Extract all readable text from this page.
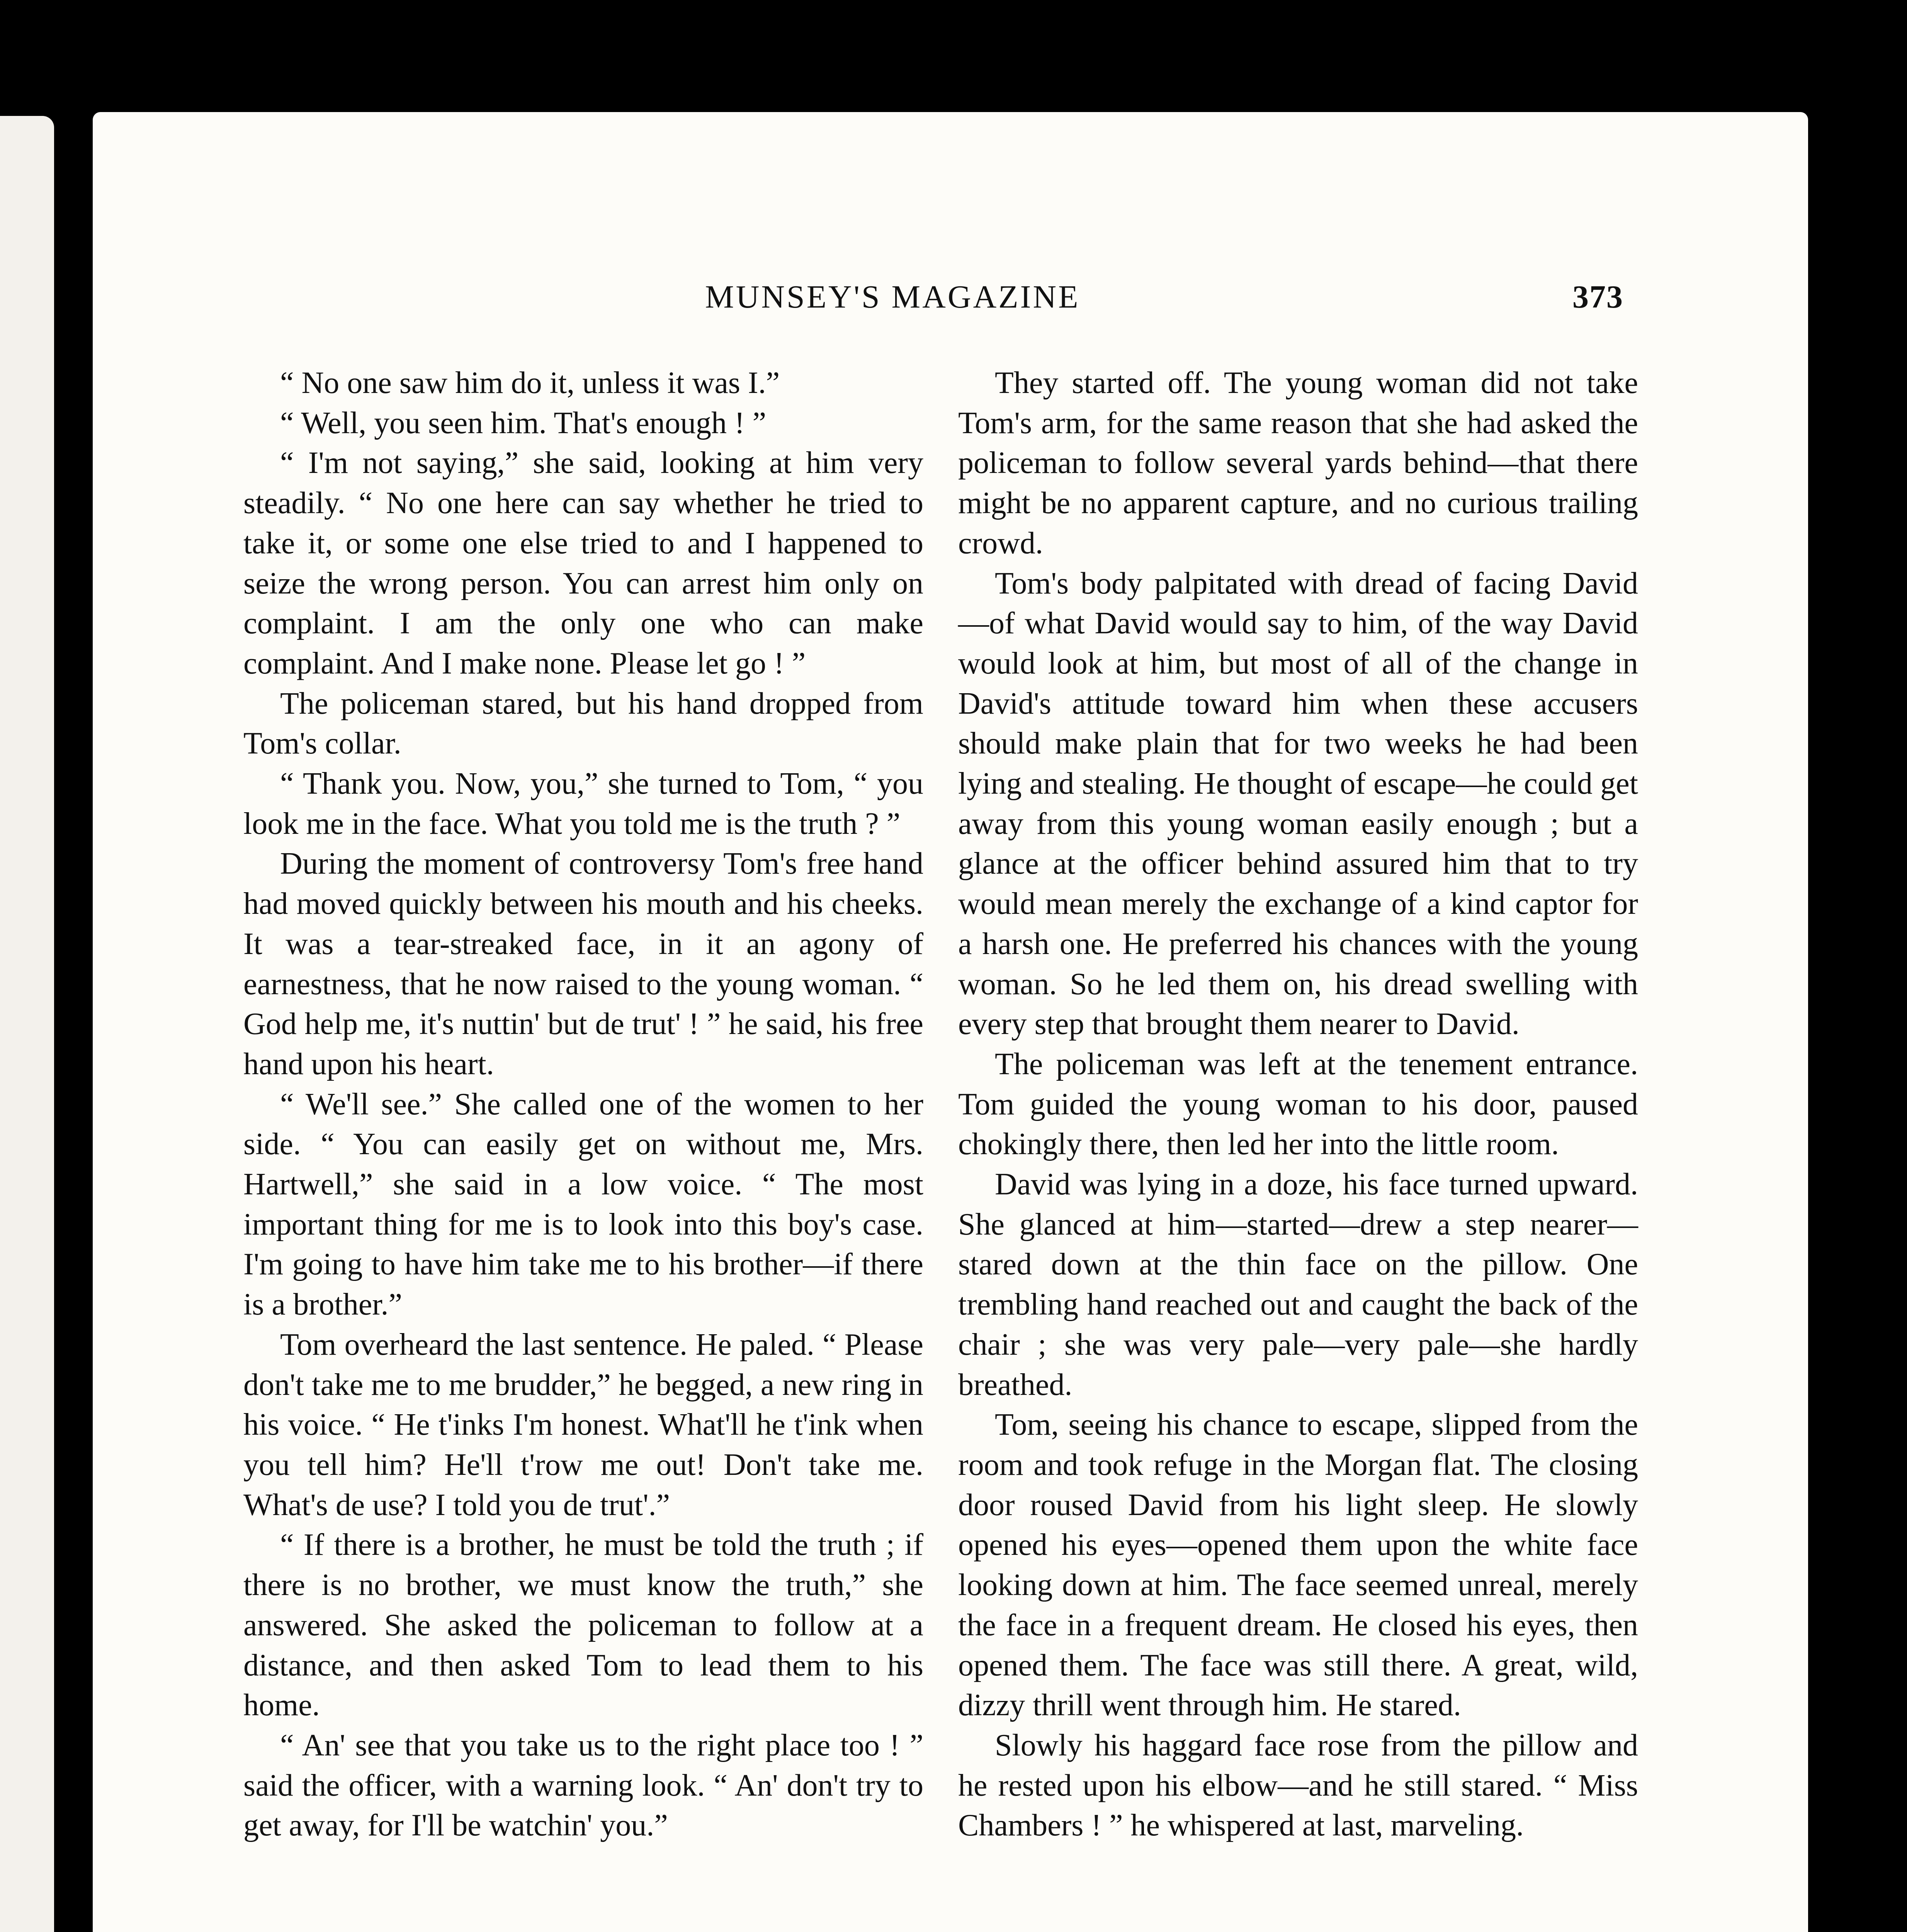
MUNSEY'S MAGAZINE	373

“ No one saw him do it, unless it was I.”

“ Well, you seen him. That's enough ! ”

“ I'm not saying,” she said, looking at him very steadily. “ No one here can say whether he tried to take it, or some one else tried to and I happened to seize the wrong person. You can arrest him only on complaint. I am the only one who can make complaint. And I make none. Please let go ! ”

The policeman stared, but his hand dropped from Tom's collar.

“ Thank you. Now, you,” she turned to Tom, “ you look me in the face. What you told me is the truth ? ”

During the moment of controversy Tom's free hand had moved quickly between his mouth and his cheeks. It was a tear-streaked face, in it an agony of earnestness, that he now raised to the young woman. “ God help me, it's nuttin' but de trut' ! ” he said, his free hand upon his heart.

“ We'll see.” She called one of the women to her side. “ You can easily get on without me, Mrs. Hartwell,” she said in a low voice. “ The most important thing for me is to look into this boy's case. I'm going to have him take me to his brother—if there is a brother.”

Tom overheard the last sentence. He paled. “ Please don't take me to me brudder,” he begged, a new ring in his voice. “ He t'inks I'm honest. What'll he t'ink when you tell him? He'll t'row me out! Don't take me. What's de use? I told you de trut'.”

“ If there is a brother, he must be told the truth ; if there is no brother, we must know the truth,” she answered. She asked the policeman to follow at a distance, and then asked Tom to lead them to his home.

“ An' see that you take us to the right place too ! ” said the officer, with a warning look. “ An' don't try to get away, for I'll be watchin' you.”

They started off. The young woman did not take Tom's arm, for the same reason that she had asked the policeman to follow several yards behind—that there might be no apparent capture, and no curious trailing crowd.

Tom's body palpitated with dread of facing David—of what David would say to him, of the way David would look at him, but most of all of the change in David's attitude toward him when these accusers should make plain that for two weeks he had been lying and stealing. He thought of escape—he could get away from this young woman easily enough ; but a glance at the officer behind assured him that to try would mean merely the exchange of a kind captor for a harsh one. He preferred his chances with the young woman. So he led them on, his dread swelling with every step that brought them nearer to David.

The policeman was left at the tenement entrance. Tom guided the young woman to his door, paused chokingly there, then led her into the little room.

David was lying in a doze, his face turned upward. She glanced at him—started—drew a step nearer—stared down at the thin face on the pillow. One trembling hand reached out and caught the back of the chair ; she was very pale—very pale—she hardly breathed.

Tom, seeing his chance to escape, slipped from the room and took refuge in the Morgan flat. The closing door roused David from his light sleep. He slowly opened his eyes—opened them upon the white face looking down at him. The face seemed unreal, merely the face in a frequent dream. He closed his eyes, then opened them. The face was still there. A great, wild, dizzy thrill went through him. He stared.

Slowly his haggard face rose from the pillow and he rested upon his elbow—and he still stared. “ Miss Chambers ! ” he whispered at last, marveling.
